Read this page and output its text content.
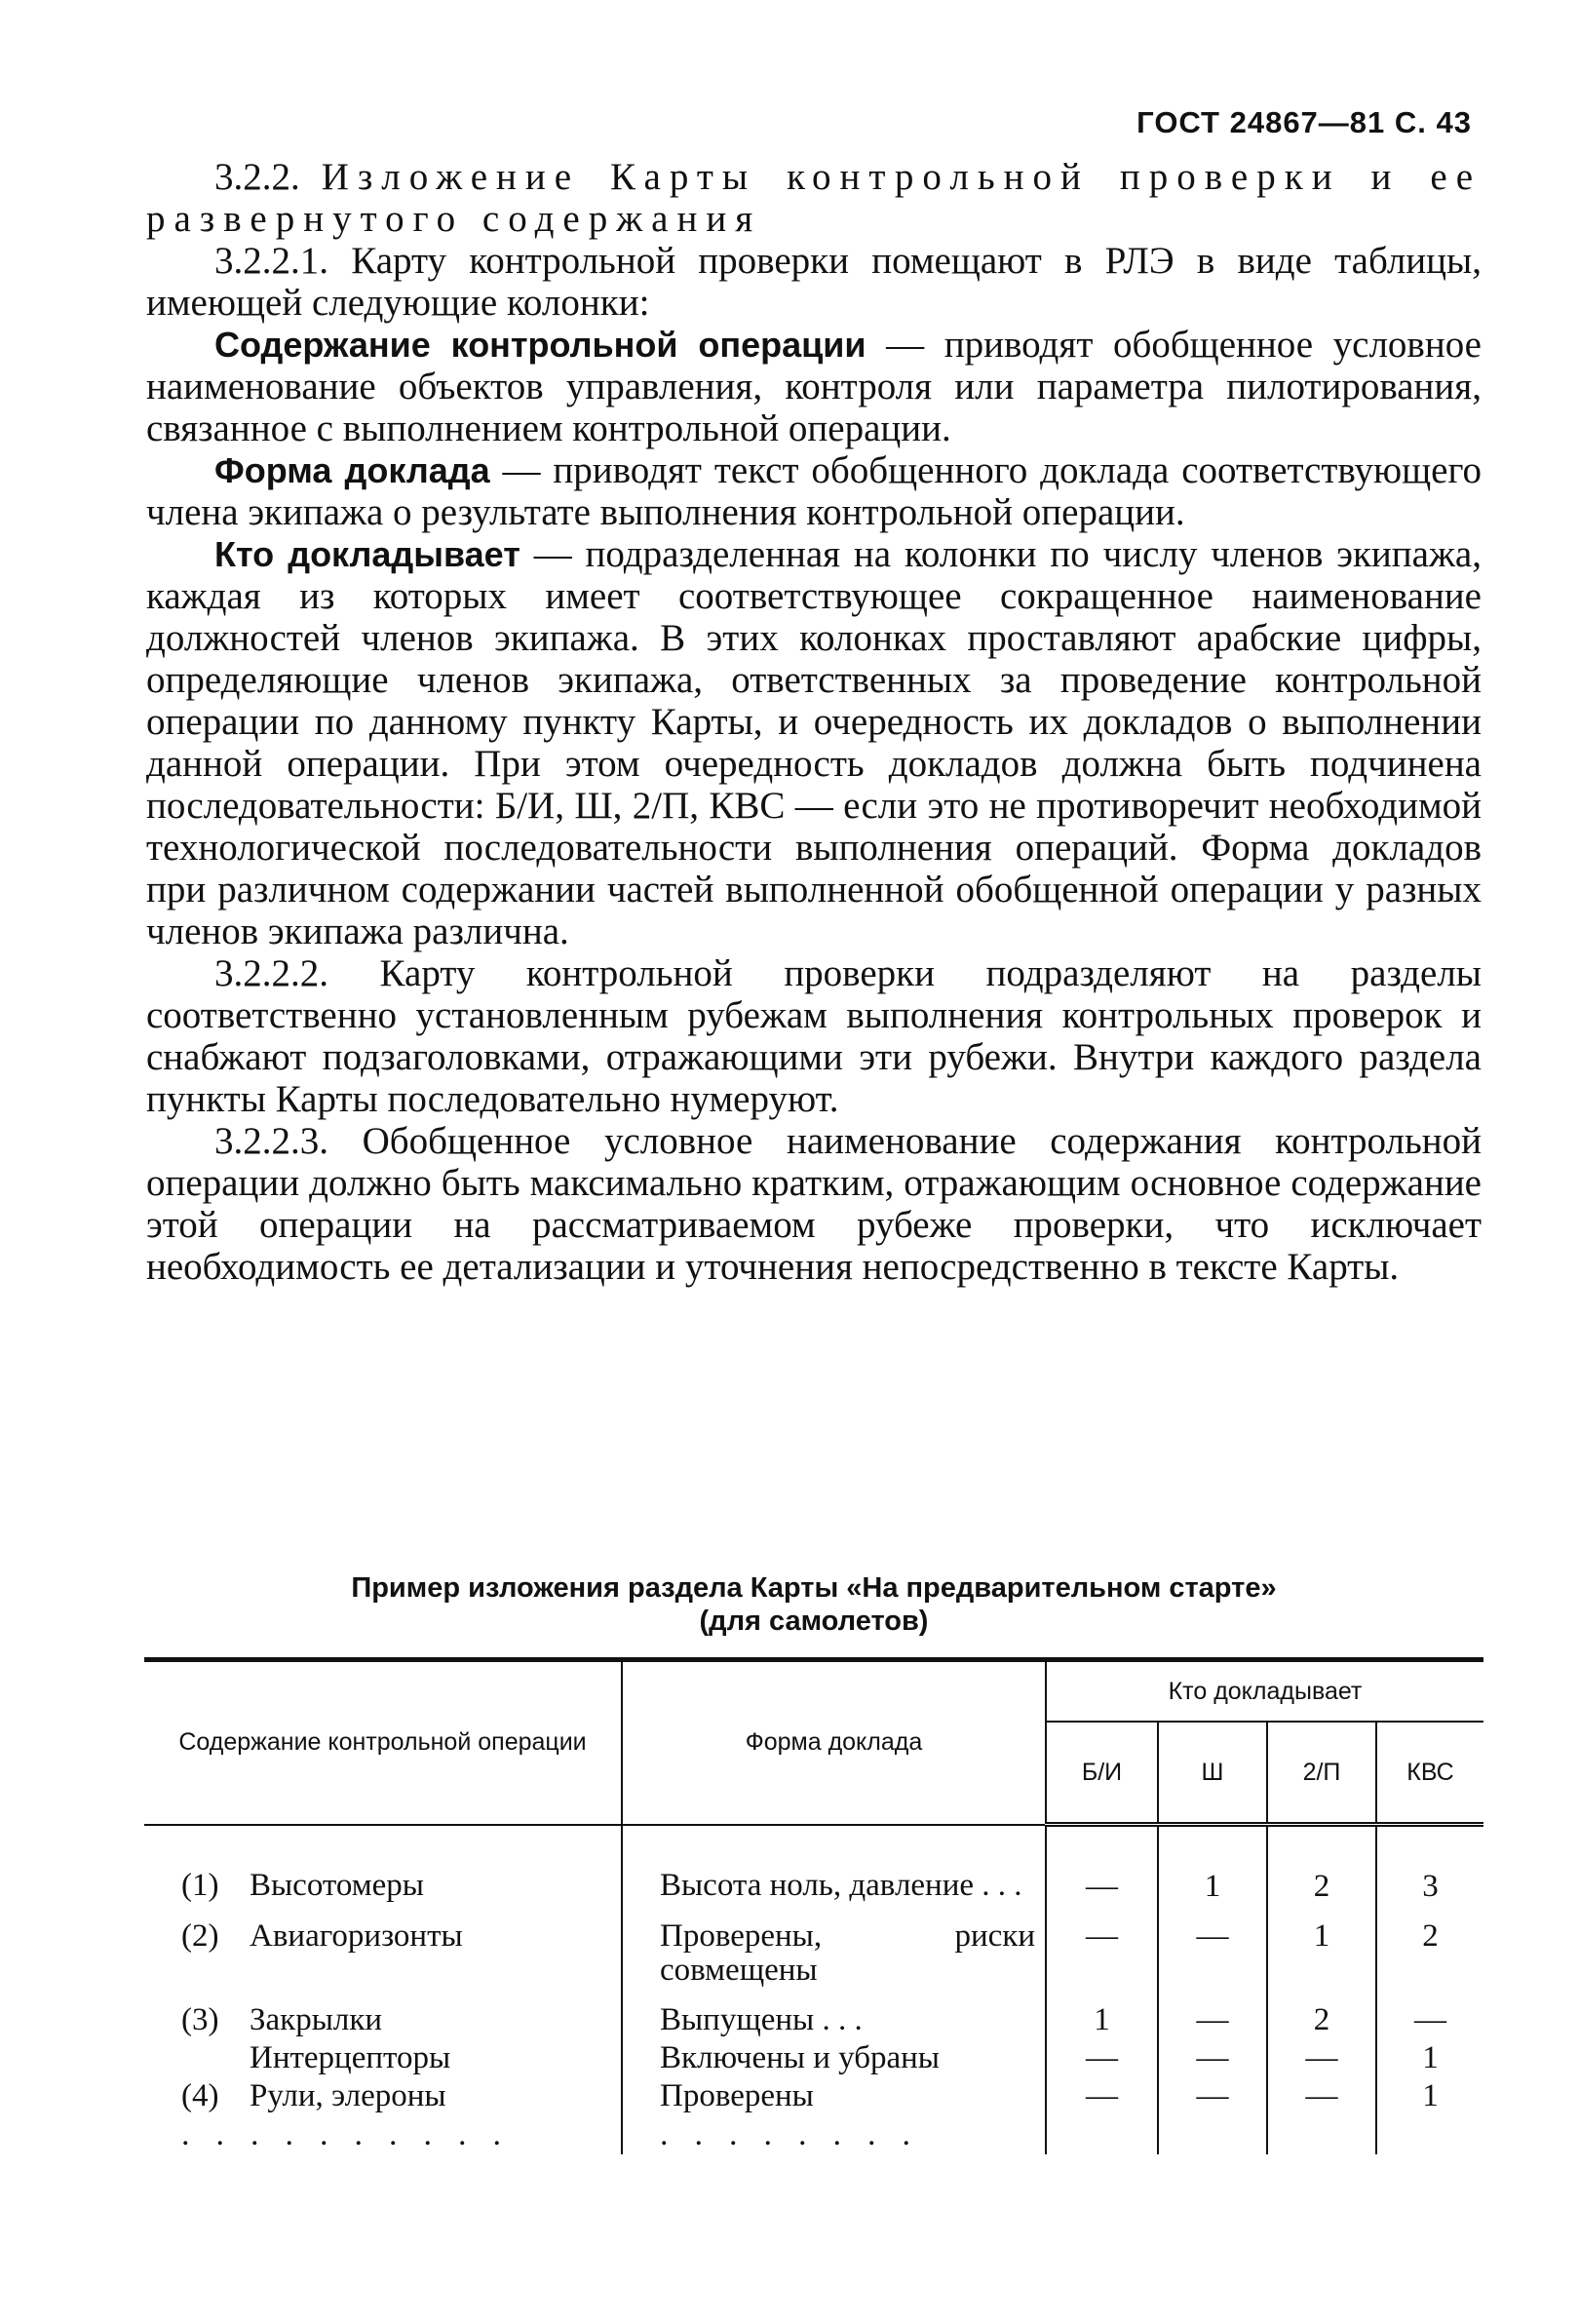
ГОСТ 24867—81 С. 43

3.2.2. Изложение Карты контрольной проверки и ее развернутого содержания

3.2.2.1. Карту контрольной проверки помещают в РЛЭ в виде таблицы, имеющей следующие колонки:

Содержание контрольной операции — приводят обобщенное условное наименование объектов управления, контроля или параметра пилотирования, связанное с выполнением контрольной операции.

Форма доклада — приводят текст обобщенного доклада соответствующего члена экипажа о результате выполнения контрольной операции.

Кто докладывает — подразделенная на колонки по числу членов экипажа, каждая из которых имеет соответствующее сокращенное наименование должностей членов экипажа. В этих колонках проставляют арабские цифры, определяющие членов экипажа, ответственных за проведение контрольной операции по данному пункту Карты, и очередность их докладов о выполнении данной операции. При этом очередность докладов должна быть подчинена последовательности: Б/И, Ш, 2/П, КВС — если это не противоречит необходимой технологической последовательности выполнения операций. Форма докладов при различном содержании частей выполненной обобщенной операции у разных членов экипажа различна.

3.2.2.2. Карту контрольной проверки подразделяют на разделы соответственно установленным рубежам выполнения контрольных проверок и снабжают подзаголовками, отражающими эти рубежи. Внутри каждого раздела пункты Карты последовательно нумеруют.

3.2.2.3. Обобщенное условное наименование содержания контрольной операции должно быть максимально кратким, отражающим основное содержание этой операции на рассматриваемом рубеже проверки, что исключает необходимость ее детализации и уточнения непосредственно в тексте Карты.

Пример изложения раздела Карты «На предварительном старте»
(для самолетов)
Содержание контрольной операции	Форма доклада	Кто докладывает			
		Б/И	Ш	2/П	КВС
(1) Высотомеры	Высота ноль, давление . . .	—	1	2	3
(2) Авиагоризонты	Проверены, риски совмещены	—	—	1	2
(3) Закрылки	Выпущены . . .	1	—	2	—
Интерцепторы	Включены и убраны	—	—	—	1
(4) Рули, элероны	Проверены	—	—	—	1
..........	........				
